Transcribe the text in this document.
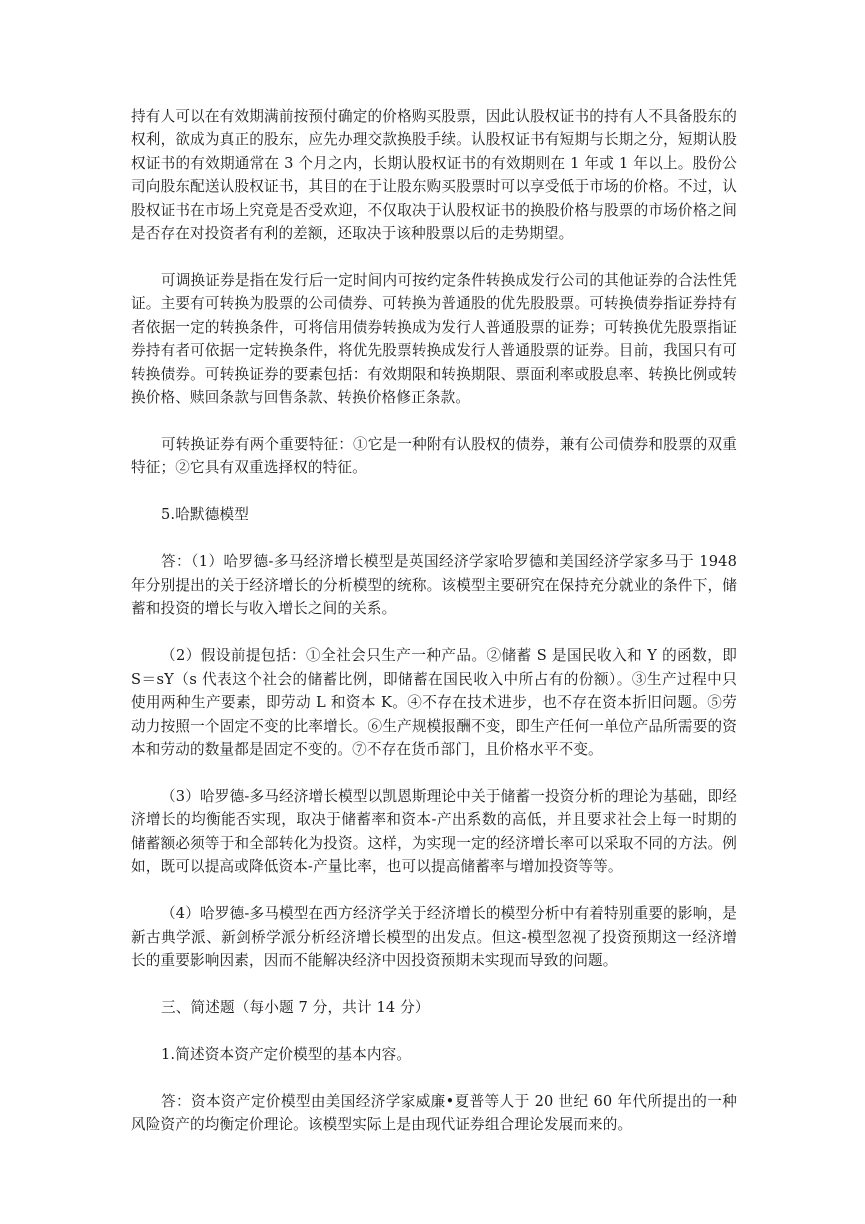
持有人可以在有效期满前按预付确定的价格购买股票，因此认股权证书的持有人不具备股东的权利，欲成为真正的股东，应先办理交款换股手续。认股权证书有短期与长期之分，短期认股权证书的有效期通常在 3 个月之内，长期认股权证书的有效期则在 1 年或 1 年以上。股份公司向股东配送认股权证书，其目的在于让股东购买股票时可以享受低于市场的价格。不过，认股权证书在市场上究竟是否受欢迎，不仅取决于认股权证书的换股价格与股票的市场价格之间是否存在对投资者有利的差额，还取决于该种股票以后的走势期望。

可调换证券是指在发行后一定时间内可按约定条件转换成发行公司的其他证券的合法性凭证。主要有可转换为股票的公司债券、可转换为普通股的优先股股票。可转换债券指证券持有者依据一定的转换条件，可将信用债券转换成为发行人普通股票的证券；可转换优先股票指证券持有者可依据一定转换条件，将优先股票转换成发行人普通股票的证券。目前，我国只有可转换债券。可转换证券的要素包括：有效期限和转换期限、票面利率或股息率、转换比例或转换价格、赎回条款与回售条款、转换价格修正条款。

可转换证券有两个重要特征：①它是一种附有认股权的债券，兼有公司债券和股票的双重特征；②它具有双重选择权的特征。

5.哈默德模型

答：（1）哈罗德-多马经济增长模型是英国经济学家哈罗德和美国经济学家多马于 1948 年分别提出的关于经济增长的分析模型的统称。该模型主要研究在保持充分就业的条件下，储蓄和投资的增长与收入增长之间的关系。

（2）假设前提包括：①全社会只生产一种产品。②储蓄 S 是国民收入和 Y 的函数，即 S＝sY（s 代表这个社会的储蓄比例，即储蓄在国民收入中所占有的份额）。③生产过程中只使用两种生产要素，即劳动 L 和资本 K。④不存在技术进步，也不存在资本折旧问题。⑤劳动力按照一个固定不变的比率增长。⑥生产规模报酬不变，即生产任何一单位产品所需要的资本和劳动的数量都是固定不变的。⑦不存在货币部门，且价格水平不变。

（3）哈罗德-多马经济增长模型以凯恩斯理论中关于储蓄一投资分析的理论为基础，即经济增长的均衡能否实现，取决于储蓄率和资本-产出系数的高低，并且要求社会上每一时期的储蓄额必须等于和全部转化为投资。这样，为实现一定的经济增长率可以采取不同的方法。例如，既可以提高或降低资本-产量比率，也可以提高储蓄率与增加投资等等。

（4）哈罗德-多马模型在西方经济学关于经济增长的模型分析中有着特别重要的影响，是新古典学派、新剑桥学派分析经济增长模型的出发点。但这-模型忽视了投资预期这一经济增长的重要影响因素，因而不能解决经济中因投资预期未实现而导致的问题。

三、简述题（每小题 7 分，共计 14 分）

1.简述资本资产定价模型的基本内容。

答：资本资产定价模型由美国经济学家威廉•夏普等人于 20 世纪 60 年代所提出的一种风险资产的均衡定价理论。该模型实际上是由现代证券组合理论发展而来的。
